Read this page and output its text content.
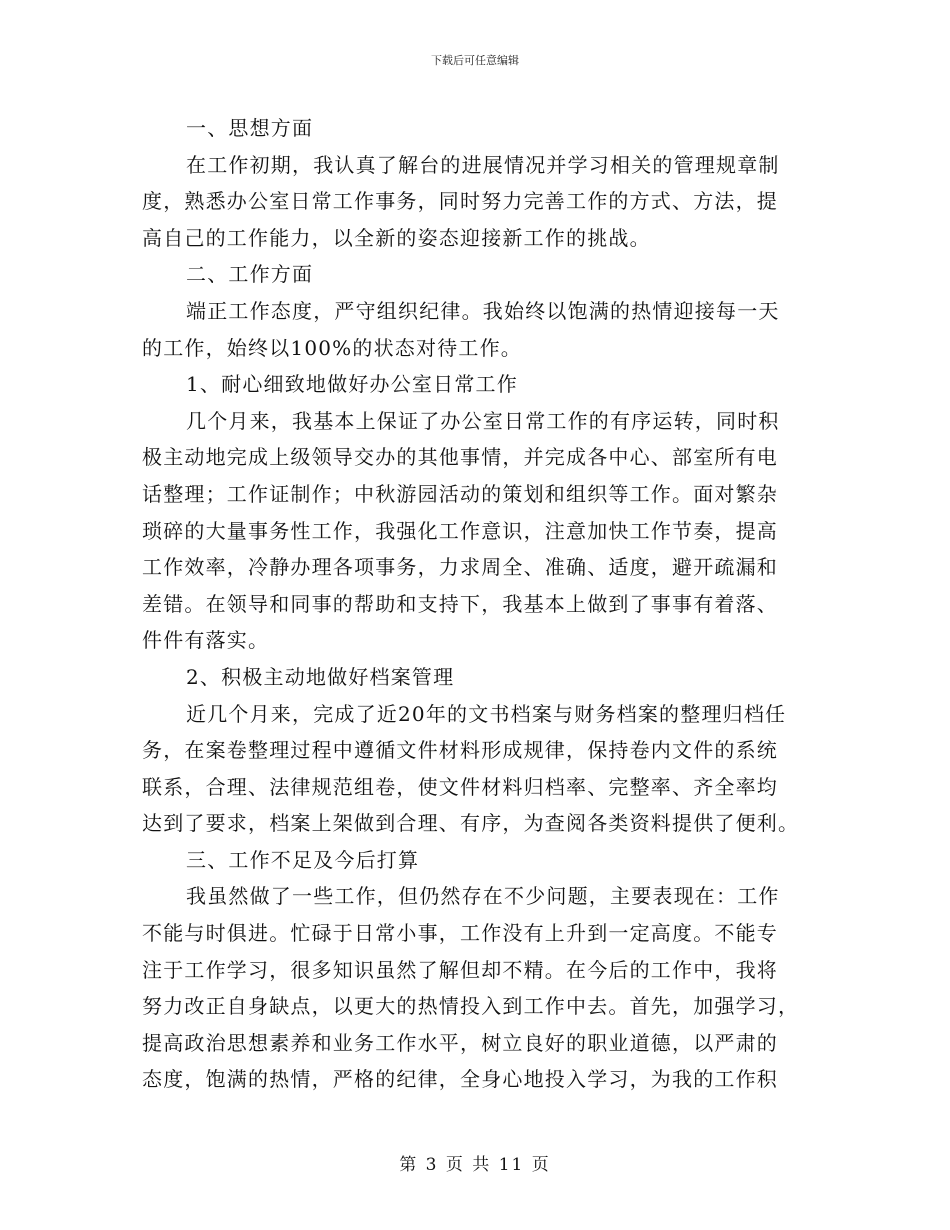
下载后可任意编辑
一、思想方面
在工作初期，我认真了解台的进展情况并学习相关的管理规章制
度，熟悉办公室日常工作事务，同时努力完善工作的方式、方法，提
高自己的工作能力，以全新的姿态迎接新工作的挑战。
二、工作方面
端正工作态度，严守组织纪律。我始终以饱满的热情迎接每一天
的工作，始终以100%的状态对待工作。
1、耐心细致地做好办公室日常工作
几个月来，我基本上保证了办公室日常工作的有序运转，同时积
极主动地完成上级领导交办的其他事情，并完成各中心、部室所有电
话整理；工作证制作；中秋游园活动的策划和组织等工作。面对繁杂
琐碎的大量事务性工作，我强化工作意识，注意加快工作节奏，提高
工作效率，冷静办理各项事务，力求周全、准确、适度，避开疏漏和
差错。在领导和同事的帮助和支持下，我基本上做到了事事有着落、
件件有落实。
2、积极主动地做好档案管理
近几个月来，完成了近20年的文书档案与财务档案的整理归档任
务，在案卷整理过程中遵循文件材料形成规律，保持卷内文件的系统
联系，合理、法律规范组卷，使文件材料归档率、完整率、齐全率均
达到了要求，档案上架做到合理、有序，为查阅各类资料提供了便利。
三、工作不足及今后打算
我虽然做了一些工作，但仍然存在不少问题，主要表现在：工作
不能与时俱进。忙碌于日常小事，工作没有上升到一定高度。不能专
注于工作学习，很多知识虽然了解但却不精。在今后的工作中，我将
努力改正自身缺点，以更大的热情投入到工作中去。首先，加强学习，
提高政治思想素养和业务工作水平，树立良好的职业道德，以严肃的
态度，饱满的热情，严格的纪律，全身心地投入学习，为我的工作积
第 3 页 共 11 页
